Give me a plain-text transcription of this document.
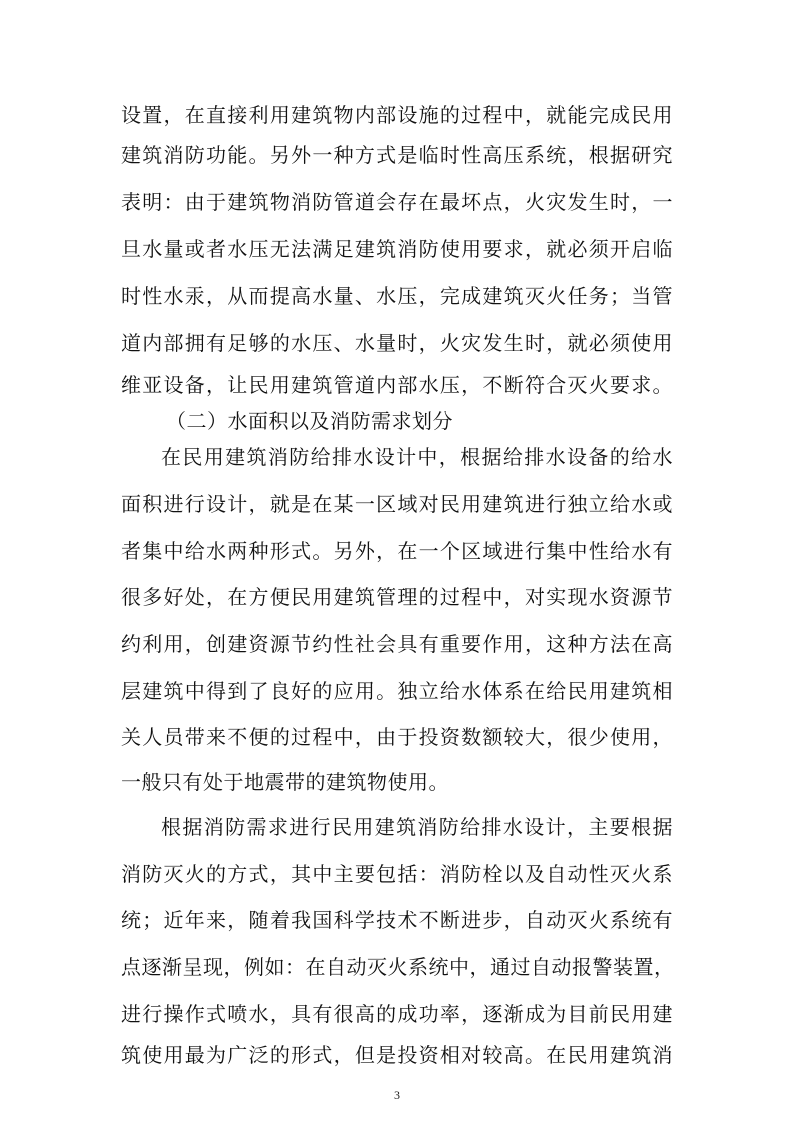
设置，在直接利用建筑物内部设施的过程中，就能完成民用
建筑消防功能。另外一种方式是临时性高压系统，根据研究
表明：由于建筑物消防管道会存在最坏点，火灾发生时，一
旦水量或者水压无法满足建筑消防使用要求，就必须开启临
时性水汞，从而提高水量、水压，完成建筑灭火任务；当管
道内部拥有足够的水压、水量时，火灾发生时，就必须使用
维亚设备，让民用建筑管道内部水压，不断符合灭火要求。
（二）水面积以及消防需求划分
在民用建筑消防给排水设计中，根据给排水设备的给水
面积进行设计，就是在某一区域对民用建筑进行独立给水或
者集中给水两种形式。另外，在一个区域进行集中性给水有
很多好处，在方便民用建筑管理的过程中，对实现水资源节
约利用，创建资源节约性社会具有重要作用，这种方法在高
层建筑中得到了良好的应用。独立给水体系在给民用建筑相
关人员带来不便的过程中，由于投资数额较大，很少使用，
一般只有处于地震带的建筑物使用。
根据消防需求进行民用建筑消防给排水设计，主要根据
消防灭火的方式，其中主要包括：消防栓以及自动性灭火系
统；近年来，随着我国科学技术不断进步，自动灭火系统有
点逐渐呈现，例如：在自动灭火系统中，通过自动报警装置，
进行操作式喷水，具有很高的成功率，逐渐成为目前民用建
筑使用最为广泛的形式，但是投资相对较高。在民用建筑消
3
